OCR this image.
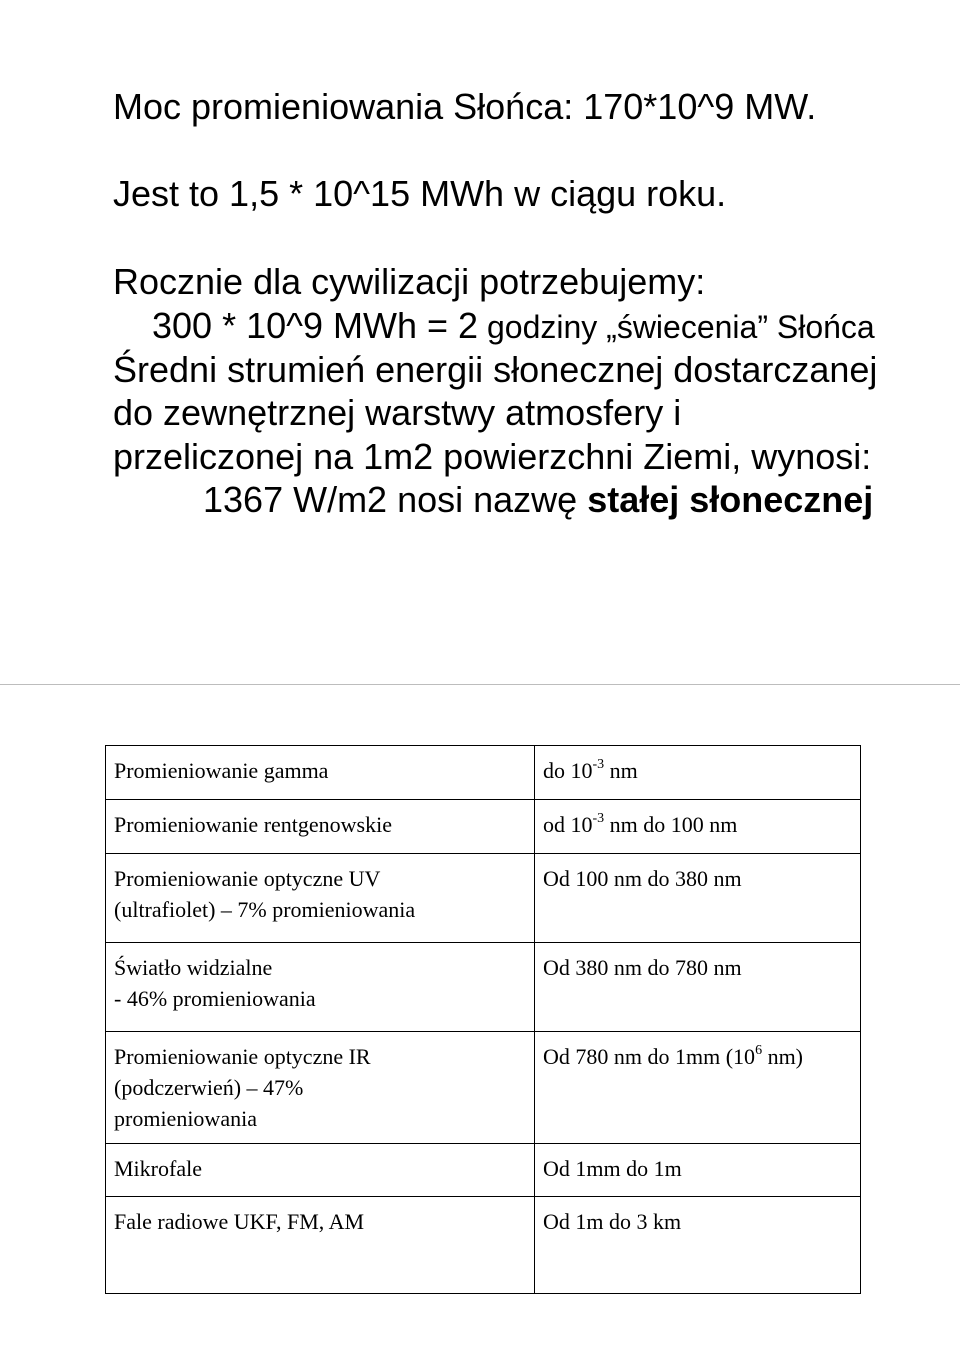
Moc promieniowania Słońca: 170*10^9 MW.
Jest to 1,5 * 10^15 MWh w ciągu roku.
Rocznie dla cywilizacji potrzebujemy:
300 * 10^9 MWh = 2 godziny „świecenia” Słońca
Średni strumień energii słonecznej dostarczanej
do zewnętrznej warstwy atmosfery i
przeliczonej na 1m2 powierzchni Ziemi, wynosi:
1367 W/m2 nosi nazwę stałej słonecznej
Promieniowanie gamma	do $10^{-3}$ nm

Promieniowanie rentgenowskie	od $10^{-3}$ nm do 100 nm

Promieniowanie optyczne UV
(ultrafiolet) – 7% promieniowania	Od 100 nm do 380 nm

Światło widzialne
- 46% promieniowania	Od 380 nm do 780 nm

Promieniowanie optyczne IR
(podczerwień) – 47%
promieniowania	Od 780 nm do 1mm ($10^6$ nm)

Mikrofale	Od 1mm do 1m

Fale radiowe UKF, FM, AM	Od 1m do 3 km
